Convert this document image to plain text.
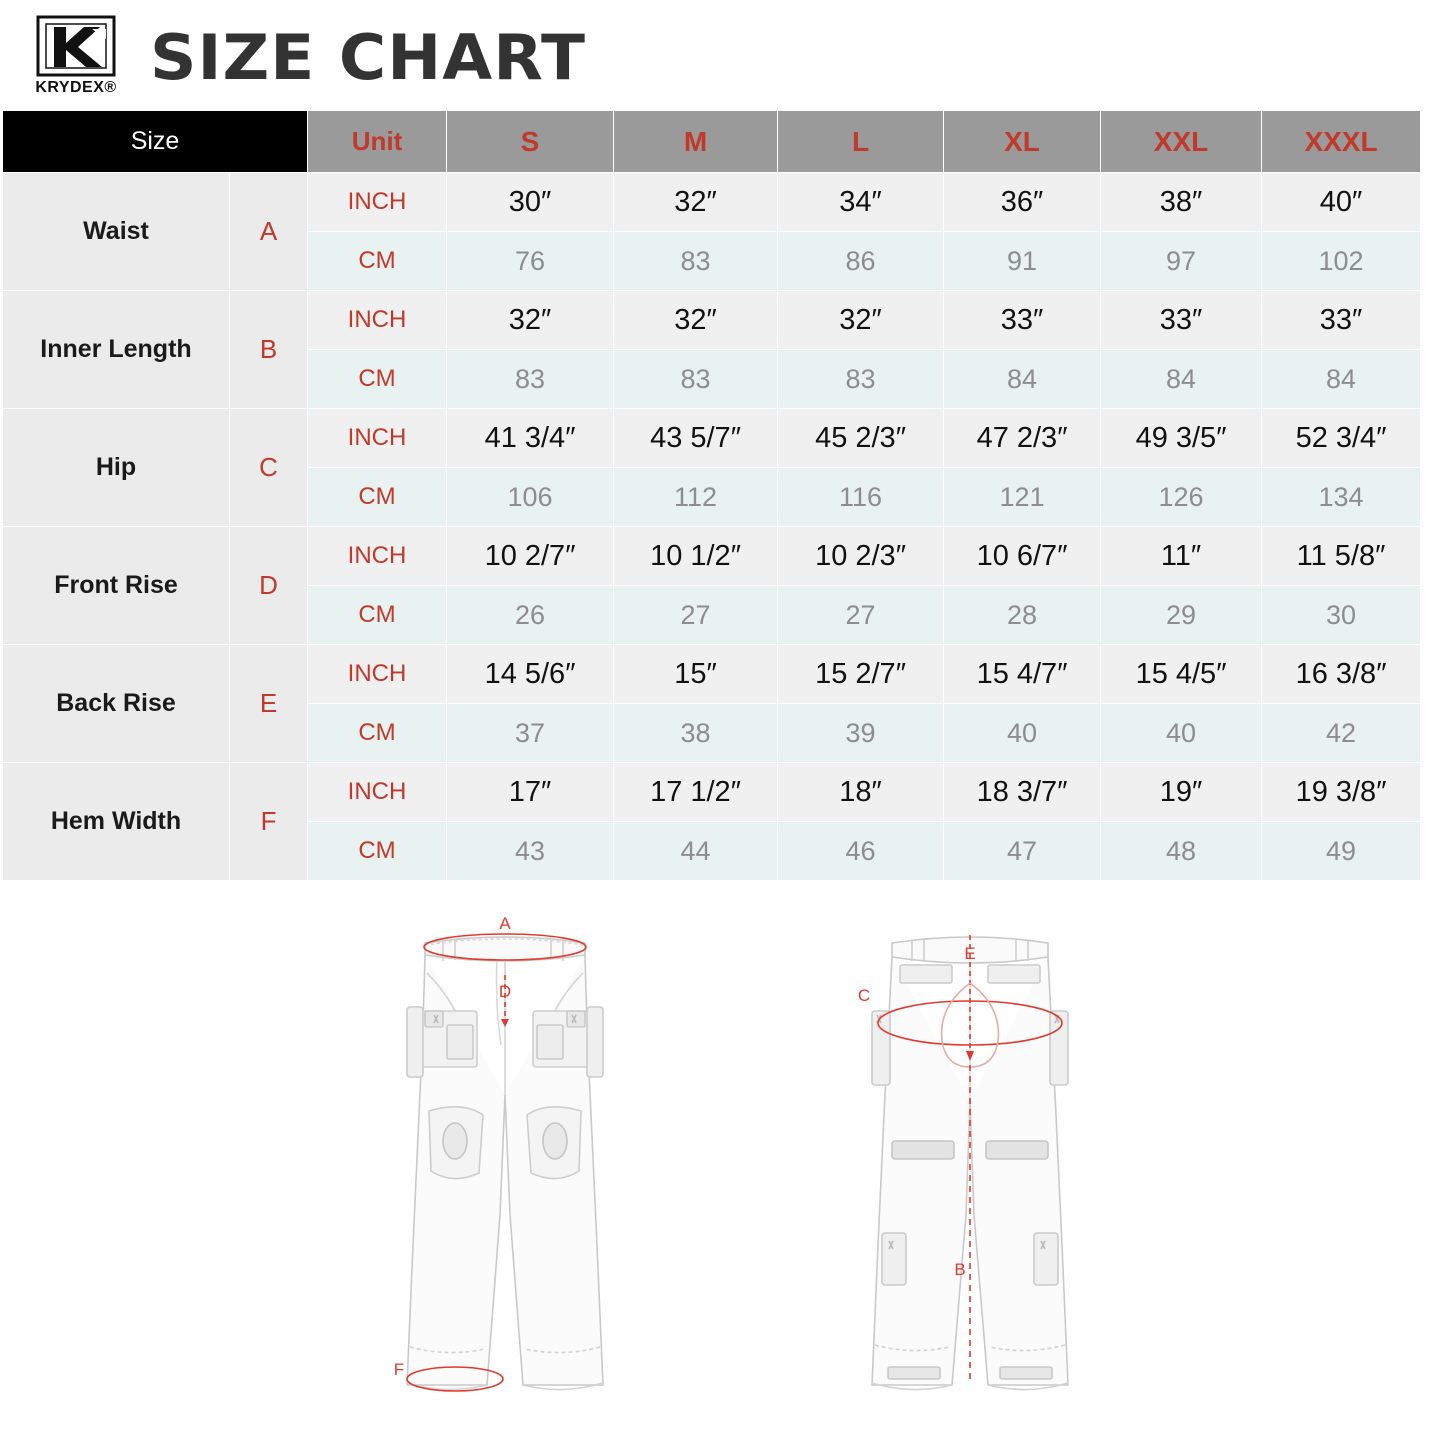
KRYDEX® SIZE CHART
Size		Unit	S	M	L	XL	XXL	XXXL
Waist	A	INCH	30″	32″	34″	36″	38″	40″
		CM	76	83	86	91	97	102
Inner Length	B	INCH	32″	32″	32″	33″	33″	33″
		CM	83	83	83	84	84	84
Hip	C	INCH	41 3/4″	43 5/7″	45 2/3″	47 2/3″	49 3/5″	52 3/4″
		CM	106	112	116	121	126	134
Front Rise	D	INCH	10 2/7″	10 1/2″	10 2/3″	10 6/7″	11″	11 5/8″
		CM	26	27	27	28	29	30
Back Rise	E	INCH	14 5/6″	15″	15 2/7″	15 4/7″	15 4/5″	16 3/8″
		CM	37	38	39	40	40	42
Hem Width	F	INCH	17″	17 1/2″	18″	18 3/7″	19″	19 3/8″
		CM	43	44	46	47	48	49
A
D
F
E
C
B
